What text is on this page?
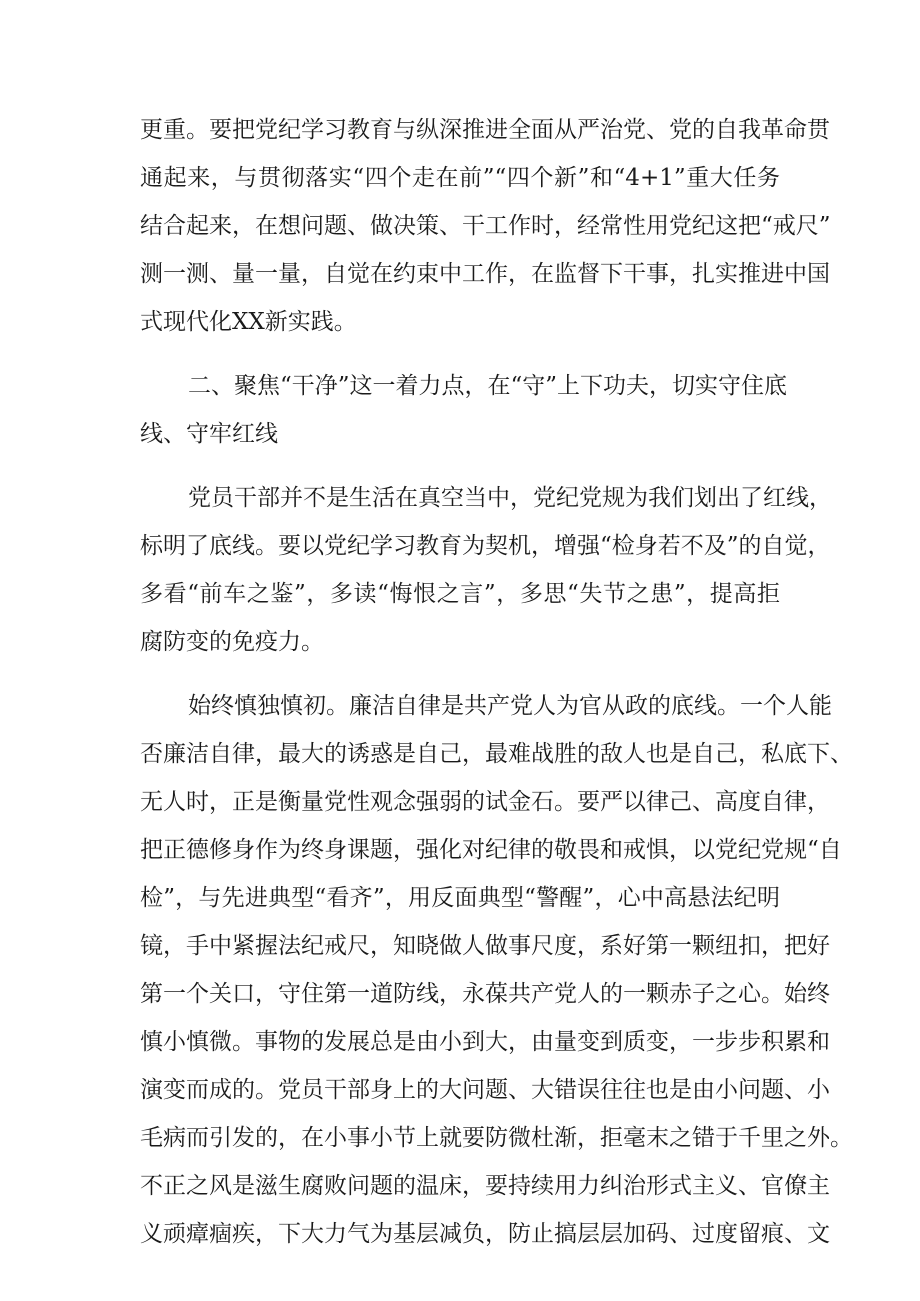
更重。要把党纪学习教育与纵深推进全面从严治党、党的自我革命贯
通起来，与贯彻落实“四个走在前”“四个新”和“4+1”重大任务
结合起来，在想问题、做决策、干工作时，经常性用党纪这把“戒尺”
测一测、量一量，自觉在约束中工作，在监督下干事，扎实推进中国
式现代化XX新实践。
二、聚焦“干净”这一着力点，在“守”上下功夫，切实守住底
线、守牢红线
党员干部并不是生活在真空当中，党纪党规为我们划出了红线，
标明了底线。要以党纪学习教育为契机，增强“检身若不及”的自觉，
多看“前车之鉴”，多读“悔恨之言”，多思“失节之患”，提高拒
腐防变的免疫力。
始终慎独慎初。廉洁自律是共产党人为官从政的底线。一个人能
否廉洁自律，最大的诱惑是自己，最难战胜的敌人也是自己，私底下、
无人时，正是衡量党性观念强弱的试金石。要严以律己、高度自律，
把正德修身作为终身课题，强化对纪律的敬畏和戒惧，以党纪党规“自
检”，与先进典型“看齐”，用反面典型“警醒”，心中高悬法纪明
镜，手中紧握法纪戒尺，知晓做人做事尺度，系好第一颗纽扣，把好
第一个关口，守住第一道防线，永葆共产党人的一颗赤子之心。始终
慎小慎微。事物的发展总是由小到大，由量变到质变，一步步积累和
演变而成的。党员干部身上的大问题、大错误往往也是由小问题、小
毛病而引发的，在小事小节上就要防微杜渐，拒毫末之错于千里之外。
不正之风是滋生腐败问题的温床，要持续用力纠治形式主义、官僚主
义顽瘴痼疾，下大力气为基层减负，防止搞层层加码、过度留痕、文
